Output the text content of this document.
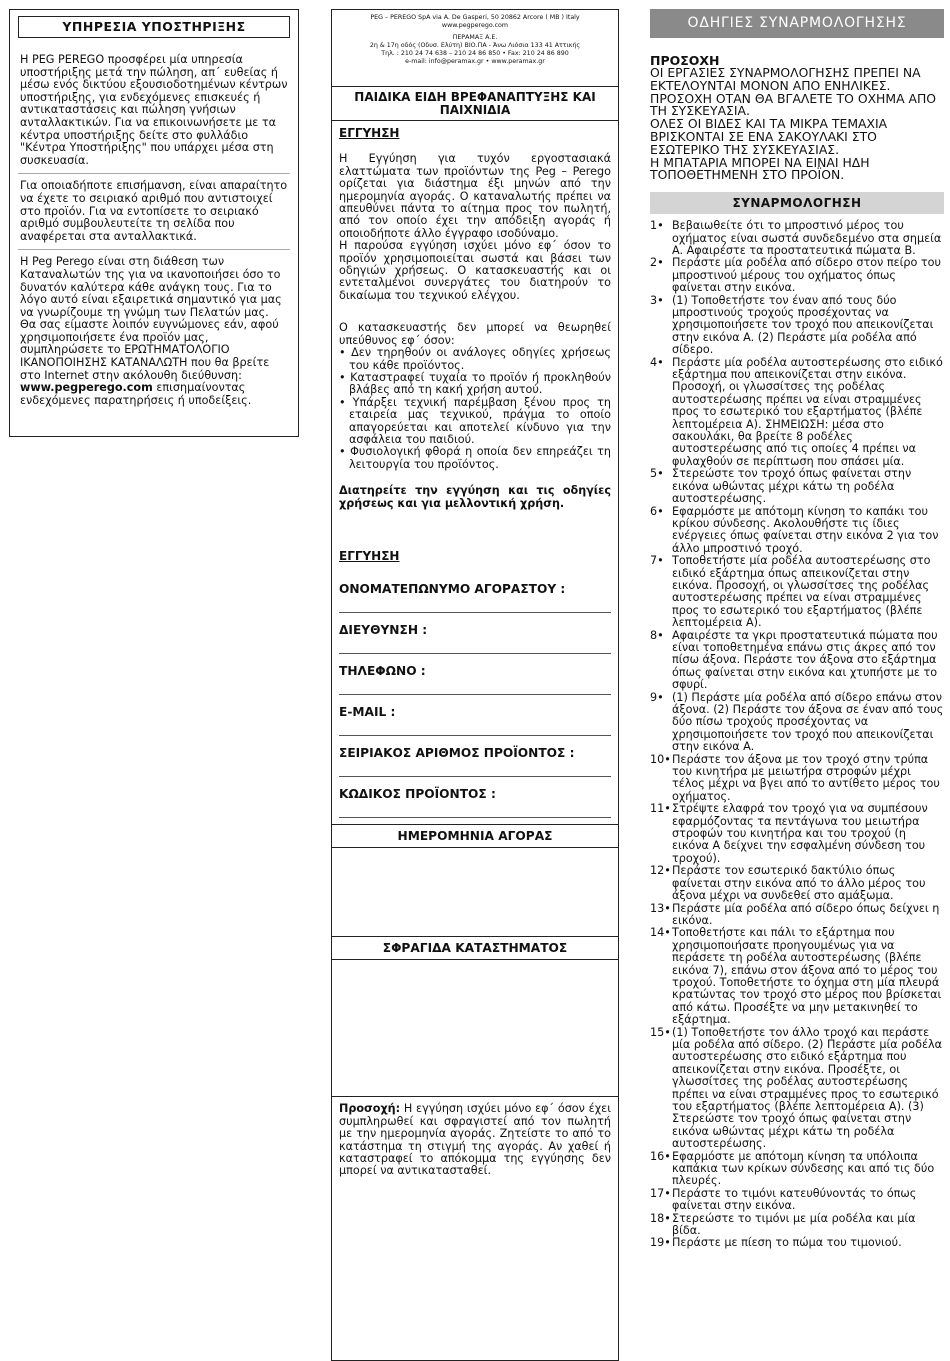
ΥΠΗΡΕΣΙΑ ΥΠΟΣΤΗΡΙΞΗΣ
Η PEG PEREGO προσφέρει μία υπηρεσία υποστήριξης μετά την πώληση, απ΄ ευθείας ή μέσω ενός δικτύου εξουσιοδοτημένων κέντρων υποστήριξης, για ενδεχόμενες επισκευές ή αντικαταστάσεις και πώληση γνήσιων ανταλλακτικών. Για να επικοινωνήσετε με τα κέντρα υποστήριξης δείτε στο φυλλάδιο "Κέντρα Υποστήριξης" που υπάρχει μέσα στη συσκευασία.
Για οποιαδήποτε επισήμανση, είναι απαραίτητο να έχετε το σειριακό αριθμό που αντιστοιχεί στο προϊόν. Για να εντοπίσετε το σειριακό αριθμό συμβουλευτείτε τη σελίδα που αναφέρεται στα ανταλλακτικά.
Η Peg Perego είναι στη διάθεση των Καταναλωτών της για να ικανοποιήσει όσο το δυνατόν καλύτερα κάθε ανάγκη τους. Για το λόγο αυτό είναι εξαιρετικά σημαντικό για μας να γνωρίζουμε τη γνώμη των Πελατών μας. Θα σας είμαστε λοιπόν ευγνώμονες εάν, αφού χρησιμοποιήσετε ένα προϊόν μας, συμπληρώσετε το ΕΡΩΤΗΜΑΤΟΛΟΓΙΟ ΙΚΑΝΟΠΟΙΗΣΗΣ ΚΑΤΑΝΑΛΩΤΗ που θα βρείτε στο Internet στην ακόλουθη διεύθυνση: www.pegperego.com επισημαίνοντας ενδεχόμενες παρατηρήσεις ή υποδείξεις.
PEG – PEREGO SpA via A. De Gasperi, 50 20862 Arcore ( MB ) Italy
www.pegperego.com
ΠΕΡΑΜΑΞ Α.Ε.
2η & 17η οδός (Οδυσ. Ελύτη) ΒΙΟ.ΠΑ - Άνω Λιόσια 133 41 Αττικής
Τηλ. : 210 24 74 638 – 210 24 86 850 • Fax: 210 24 86 890
e-mail: info@peramax.gr • www.peramax.gr
ΠΑΙΔΙΚΑ ΕΙΔΗ ΒΡΕΦΑΝΑΠΤΥΞΗΣ ΚΑΙ ΠΑΙΧΝΙΔΙΑ
ΕΓΓΥΗΣΗ
Η Εγγύηση για τυχόν εργοστασιακά ελαττώματα των προϊόντων της Peg – Perego ορίζεται για διάστημα έξι μηνών από την ημερομηνία αγοράς. Ο καταναλωτής πρέπει να απευθύνει πάντα το αίτημα προς τον πωλητή, από τον οποίο έχει την απόδειξη αγοράς ή οποιοδήποτε άλλο έγγραφο ισοδύναμο.
Η παρούσα εγγύηση ισχύει μόνο εφ΄ όσον το προϊόν χρησιμοποιείται σωστά και βάσει των οδηγιών χρήσεως. Ο κατασκευαστής και οι εντεταλμένοι συνεργάτες του διατηρούν το δικαίωμα του τεχνικού ελέγχου.
Ο κατασκευαστής δεν μπορεί να θεωρηθεί υπεύθυνος εφ΄ όσον:
• Δεν τηρηθούν οι ανάλογες οδηγίες χρήσεως του κάθε προϊόντος.
• Καταστραφεί τυχαία το προϊόν ή προκληθούν βλάβες από τη κακή χρήση αυτού.
• Υπάρξει τεχνική παρέμβαση ξένου προς τη εταιρεία μας τεχνικού, πράγμα το οποίο απαγορεύεται και αποτελεί κίνδυνο για την ασφάλεια του παιδιού.
• Φυσιολογική φθορά η οποία δεν επηρεάζει τη λειτουργία του προϊόντος.
Διατηρείτε την εγγύηση και τις οδηγίες χρήσεως και για μελλοντική χρήση.
ΕΓΓΥΗΣΗ
ΟΝΟΜΑΤΕΠΩΝΥΜΟ ΑΓΟΡΑΣΤΟΥ :
ΔΙΕΥΘΥΝΣΗ :
ΤΗΛΕΦΩΝΟ :
E-MAIL :
ΣΕΙΡΙΑΚΟΣ ΑΡΙΘΜΟΣ ΠΡΟΪΟΝΤΟΣ :
ΚΩΔΙΚΟΣ ΠΡΟΪΟΝΤΟΣ :
ΗΜΕΡΟΜΗΝΙΑ ΑΓΟΡΑΣ
ΣΦΡΑΓΙΔΑ ΚΑΤΑΣΤΗΜΑΤΟΣ
Προσοχή: Η εγγύηση ισχύει μόνο εφ΄ όσον έχει συμπληρωθεί και σφραγιστεί από τον πωλητή με την ημερομηνία αγοράς. Ζητείστε το από το κατάστημα τη στιγμή της αγοράς. Αν χαθεί ή καταστραφεί το απόκομμα της εγγύησης δεν μπορεί να αντικατασταθεί.
ΟΔΗΓΙΕΣ ΣΥΝΑΡΜΟΛΟΓΗΣΗΣ
ΠΡΟΣΟΧΗ
ΟΙ ΕΡΓΑΣΙΕΣ ΣΥΝΑΡΜΟΛΟΓΗΣΗΣ ΠΡΕΠΕΙ ΝΑ ΕΚΤΕΛΟΥΝΤΑΙ ΜΟΝΟΝ ΑΠΟ ΕΝΗΛΙΚΕΣ.
ΠΡΟΣΟΧΗ ΟΤΑΝ ΘΑ ΒΓΑΛΕΤΕ ΤΟ ΟΧΗΜΑ ΑΠΟ ΤΗ ΣΥΣΚΕΥΑΣΙΑ.
ΟΛΕΣ ΟΙ ΒΙΔΕΣ ΚΑΙ ΤΑ ΜΙΚΡΑ ΤΕΜΑΧΙΑ ΒΡΙΣΚΟΝΤΑΙ ΣΕ ΕΝΑ ΣΑΚΟΥΛΑΚΙ ΣΤΟ ΕΣΩΤΕΡΙΚΟ ΤΗΣ ΣΥΣΚΕΥΑΣΙΑΣ.
Η ΜΠΑΤΑΡΙΑ ΜΠΟΡΕΙ ΝΑ ΕΙΝΑΙ ΗΔΗ ΤΟΠΟΘΕΤΗΜΕΝΗ ΣΤΟ ΠΡΟΪΟΝ.
ΣΥΝΑΡΜΟΛΟΓΗΣΗ
1• Βεβαιωθείτε ότι το μπροστινό μέρος του οχήματος είναι σωστά συνδεδεμένο στα σημεία A. Αφαιρέστε τα προστατευτικά πώματα B.
2• Περάστε μία ροδέλα από σίδερο στον πείρο του μπροστινού μέρους του οχήματος όπως φαίνεται στην εικόνα.
3• (1) Τοποθετήστε τον έναν από τους δύο μπροστινούς τροχούς προσέχοντας να χρησιμοποιήσετε τον τροχό που απεικονίζεται στην εικόνα A. (2) Περάστε μία ροδέλα από σίδερο.
4• Περάστε μία ροδέλα αυτοστερέωσης στο ειδικό εξάρτημα που απεικονίζεται στην εικόνα. Προσοχή, οι γλωσσίτσες της ροδέλας αυτοστερέωσης πρέπει να είναι στραμμένες προς το εσωτερικό του εξαρτήματος (βλέπε λεπτομέρεια A). ΣΗΜΕΙΩΣΗ: μέσα στο σακουλάκι, θα βρείτε 8 ροδέλες αυτοστερέωσης από τις οποίες 4 πρέπει να φυλαχθούν σε περίπτωση που σπάσει μία.
5• Στερεώστε τον τροχό όπως φαίνεται στην εικόνα ωθώντας μέχρι κάτω τη ροδέλα αυτοστερέωσης.
6• Εφαρμόστε με απότομη κίνηση το καπάκι του κρίκου σύνδεσης. Ακολουθήστε τις ίδιες ενέργειες όπως φαίνεται στην εικόνα 2 για τον άλλο μπροστινό τροχό.
7• Τοποθετήστε μία ροδέλα αυτοστερέωσης στο ειδικό εξάρτημα όπως απεικονίζεται στην εικόνα. Προσοχή, οι γλωσσίτσες της ροδέλας αυτοστερέωσης πρέπει να είναι στραμμένες προς το εσωτερικό του εξαρτήματος (βλέπε λεπτομέρεια A).
8• Αφαιρέστε τα γκρι προστατευτικά πώματα που είναι τοποθετημένα επάνω στις άκρες από τον πίσω άξονα. Περάστε τον άξονα στο εξάρτημα όπως φαίνεται στην εικόνα και χτυπήστε με το σφυρί.
9• (1) Περάστε μία ροδέλα από σίδερο επάνω στον άξονα. (2) Περάστε τον άξονα σε έναν από τους δύο πίσω τροχούς προσέχοντας να χρησιμοποιήσετε τον τροχό που απεικονίζεται στην εικόνα A.
10• Περάστε τον άξονα με τον τροχό στην τρύπα του κινητήρα με μειωτήρα στροφών μέχρι τέλος μέχρι να βγει από το αντίθετο μέρος του οχήματος.
11• Στρέψτε ελαφρά τον τροχό για να συμπέσουν εφαρμόζοντας τα πεντάγωνα του μειωτήρα στροφών του κινητήρα και του τροχού (η εικόνα A δείχνει την εσφαλμένη σύνδεση του τροχού).
12• Περάστε τον εσωτερικό δακτύλιο όπως φαίνεται στην εικόνα από το άλλο μέρος του άξονα μέχρι να συνδεθεί στο αμάξωμα.
13• Περάστε μία ροδέλα από σίδερο όπως δείχνει η εικόνα.
14• Τοποθετήστε και πάλι το εξάρτημα που χρησιμοποιήσατε προηγουμένως για να περάσετε τη ροδέλα αυτοστερέωσης (βλέπε εικόνα 7), επάνω στον άξονα από το μέρος του τροχού. Τοποθετήστε το όχημα στη μία πλευρά κρατώντας τον τροχό στο μέρος που βρίσκεται από κάτω. Προσέξτε να μην μετακινηθεί το εξάρτημα.
15• (1) Τοποθετήστε τον άλλο τροχό και περάστε μία ροδέλα από σίδερο. (2) Περάστε μία ροδέλα αυτοστερέωσης στο ειδικό εξάρτημα που απεικονίζεται στην εικόνα. Προσέξτε, οι γλωσσίτσες της ροδέλας αυτοστερέωσης πρέπει να είναι στραμμένες προς το εσωτερικό του εξαρτήματος (βλέπε λεπτομέρεια A). (3) Στερεώστε τον τροχό όπως φαίνεται στην εικόνα ωθώντας μέχρι κάτω τη ροδέλα αυτοστερέωσης.
16• Εφαρμόστε με απότομη κίνηση τα υπόλοιπα καπάκια των κρίκων σύνδεσης και από τις δύο πλευρές.
17• Περάστε το τιμόνι κατευθύνοντάς το όπως φαίνεται στην εικόνα.
18• Στερεώστε το τιμόνι με μία ροδέλα και μία βίδα.
19• Περάστε με πίεση το πώμα του τιμονιού.
